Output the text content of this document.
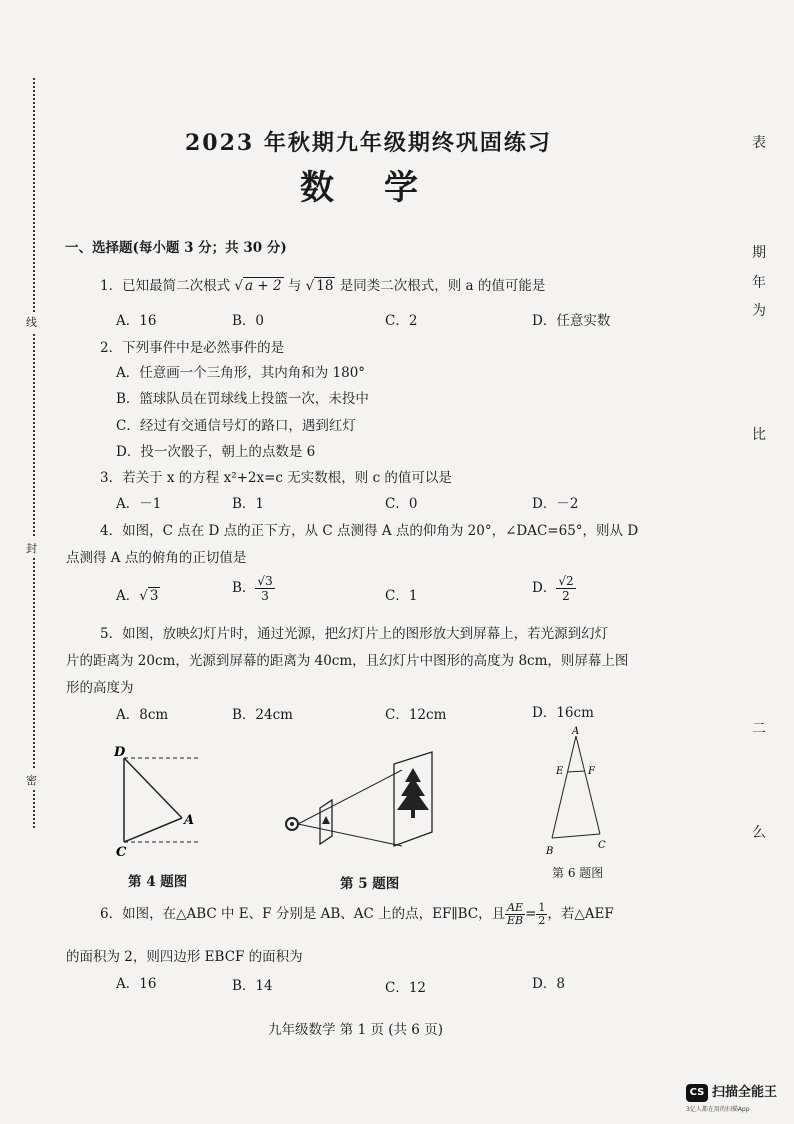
线
封
密
表
期
年
为
比
二
么
2023 年秋期九年级期终巩固练习
数学
一、选择题(每小题 3 分；共 30 分)
1．已知最简二次根式 √ a + 2 与 √ 18 是同类二次根式，则 a 的值可能是
A．16	B．0	C．2	D．任意实数
2．下列事件中是必然事件的是
A．任意画一个三角形，其内角和为 180°
B．篮球队员在罚球线上投篮一次，未投中
C．经过有交通信号灯的路口，遇到红灯
D．投一次骰子，朝上的点数是 6
3．若关于 x 的方程 x²+2x=c 无实数根，则 c 的值可以是
A．－1	B．1	C．0	D．－2
4．如图，C 点在 D 点的正下方，从 C 点测得 A 点的仰角为 20°，∠DAC=65°，则从 D
点测得 A 点的俯角的正切值是
A．√ 3	B． $\frac{√3}{3}$	C．1	D． $\frac{√2}{2}$
5．如图，放映幻灯片时，通过光源，把幻灯片上的图形放大到屏幕上，若光源到幻灯
片的距离为 20cm，光源到屏幕的距离为 40cm，且幻灯片中图形的高度为 8cm，则屏幕上图
形的高度为
A．8cm	B．24cm	C．12cm	D．16cm
D
A
C
第 4 题图	第 5 题图
A
E F
B
C
第 6 题图
6．如图，在△ABC 中 E、F 分别是 AB、AC 上的点，EF∥BC，且 $\frac{AE}{EB} = \frac{1}{2}$ ，若△AEF
的面积为 2，则四边形 EBCF 的面积为
A．16	B．14	C．12	D．8
九年级数学 第 1 页 (共 6 页)
CS 扫描全能王
3亿人都在用的扫描App
